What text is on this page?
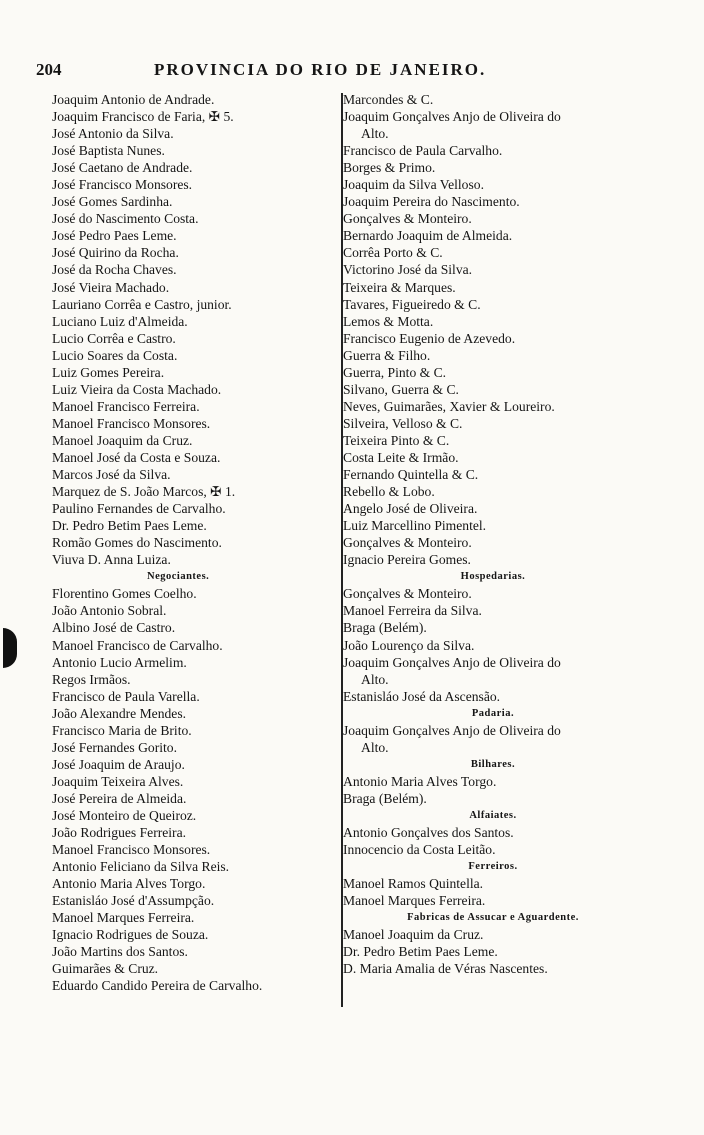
204	PROVINCIA DO RIO DE JANEIRO.
Joaquim Antonio de Andrade.
Joaquim Francisco de Faria, ✠ 5.
José Antonio da Silva.
José Baptista Nunes.
José Caetano de Andrade.
José Francisco Monsores.
José Gomes Sardinha.
José do Nascimento Costa.
José Pedro Paes Leme.
José Quirino da Rocha.
José da Rocha Chaves.
José Vieira Machado.
Lauriano Corrêa e Castro, junior.
Luciano Luiz d'Almeida.
Lucio Corrêa e Castro.
Lucio Soares da Costa.
Luiz Gomes Pereira.
Luiz Vieira da Costa Machado.
Manoel Francisco Ferreira.
Manoel Francisco Monsores.
Manoel Joaquim da Cruz.
Manoel José da Costa e Souza.
Marcos José da Silva.
Marquez de S. João Marcos, ✠ 1.
Paulino Fernandes de Carvalho.
Dr. Pedro Betim Paes Leme.
Romão Gomes do Nascimento.
Viuva D. Anna Luiza.
Negociantes.
Florentino Gomes Coelho.
João Antonio Sobral.
Albino José de Castro.
Manoel Francisco de Carvalho.
Antonio Lucio Armelim.
Regos Irmãos.
Francisco de Paula Varella.
João Alexandre Mendes.
Francisco Maria de Brito.
José Fernandes Gorito.
José Joaquim de Araujo.
Joaquim Teixeira Alves.
José Pereira de Almeida.
José Monteiro de Queiroz.
João Rodrigues Ferreira.
Manoel Francisco Monsores.
Antonio Feliciano da Silva Reis.
Antonio Maria Alves Torgo.
Estanisláo José d'Assumpção.
Manoel Marques Ferreira.
Ignacio Rodrigues de Souza.
João Martins dos Santos.
Guimarães & Cruz.
Eduardo Candido Pereira de Carvalho.
Marcondes & C.
Joaquim Gonçalves Anjo de Oliveira do
Alto.
Francisco de Paula Carvalho.
Borges & Primo.
Joaquim da Silva Velloso.
Joaquim Pereira do Nascimento.
Gonçalves & Monteiro.
Bernardo Joaquim de Almeida.
Corrêa Porto & C.
Victorino José da Silva.
Teixeira & Marques.
Tavares, Figueiredo & C.
Lemos & Motta.
Francisco Eugenio de Azevedo.
Guerra & Filho.
Guerra, Pinto & C.
Silvano, Guerra & C.
Neves, Guimarães, Xavier & Loureiro.
Silveira, Velloso & C.
Teixeira Pinto & C.
Costa Leite & Irmão.
Fernando Quintella & C.
Rebello & Lobo.
Angelo José de Oliveira.
Luiz Marcellino Pimentel.
Gonçalves & Monteiro.
Ignacio Pereira Gomes.
Hospedarias.
Gonçalves & Monteiro.
Manoel Ferreira da Silva.
Braga (Belém).
João Lourenço da Silva.
Joaquim Gonçalves Anjo de Oliveira do
Alto.
Estanisláo José da Ascensão.
Padaria.
Joaquim Gonçalves Anjo de Oliveira do
Alto.
Bilhares.
Antonio Maria Alves Torgo.
Braga (Belém).
Alfaiates.
Antonio Gonçalves dos Santos.
Innocencio da Costa Leitão.
Ferreiros.
Manoel Ramos Quintella.
Manoel Marques Ferreira.
Fabricas de Assucar e Aguardente.
Manoel Joaquim da Cruz.
Dr. Pedro Betim Paes Leme.
D. Maria Amalia de Véras Nascentes.
